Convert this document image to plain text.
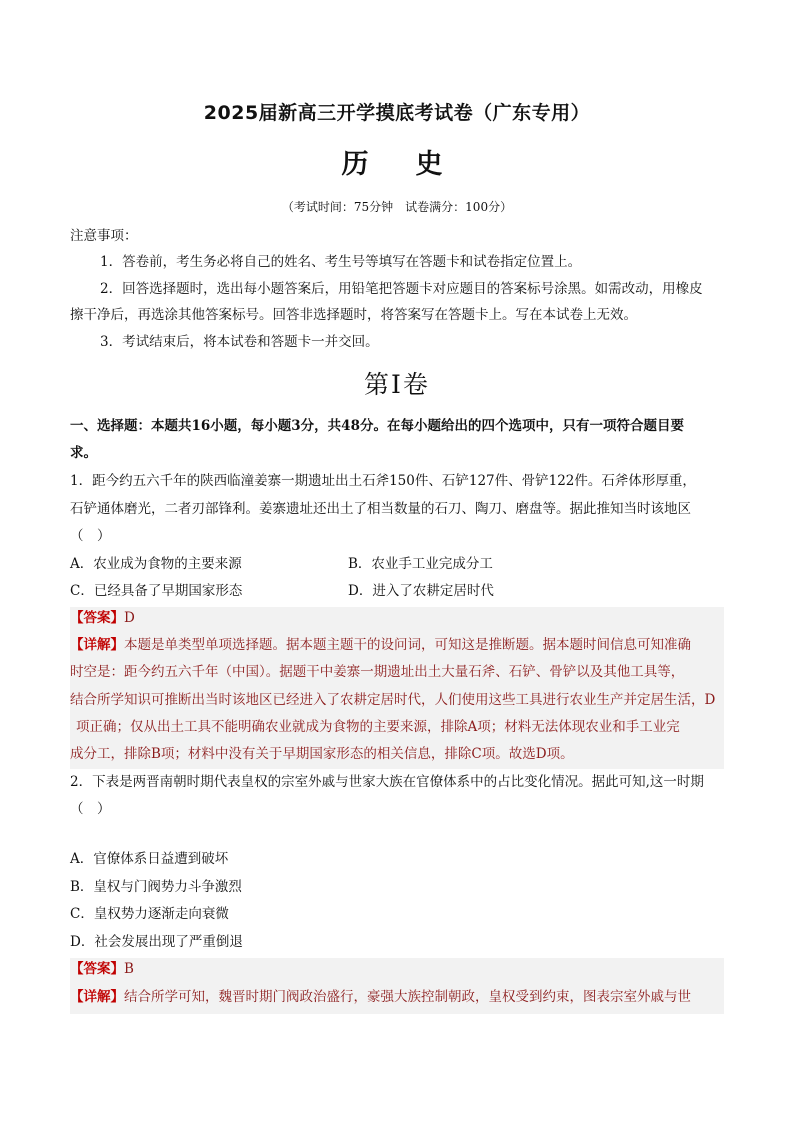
2025届新高三开学摸底考试卷（广东专用）
历　史
（考试时间：75分钟　试卷满分：100分）
注意事项：
1．答卷前，考生务必将自己的姓名、考生号等填写在答题卡和试卷指定位置上。
2．回答选择题时，选出每小题答案后，用铅笔把答题卡对应题目的答案标号涂黑。如需改动，用橡皮
擦干净后，再选涂其他答案标号。回答非选择题时，将答案写在答题卡上。写在本试卷上无效。
3．考试结束后，将本试卷和答题卡一并交回。
第Ⅰ卷
一、选择题：本题共16小题，每小题3分，共48分。在每小题给出的四个选项中，只有一项符合题目要
求。
1．距今约五六千年的陕西临潼姜寨一期遗址出土石斧150件、石铲127件、骨铲122件。石斧体形厚重，
石铲通体磨光，二者刃部锋利。姜寨遗址还出土了相当数量的石刀、陶刀、磨盘等。据此推知当时该地区
（　）
A．农业成为食物的主要来源	B．农业手工业完成分工
C．已经具备了早期国家形态	D．进入了农耕定居时代
【答案】D
【详解】本题是单类型单项选择题。据本题主题干的设问词，可知这是推断题。据本题时间信息可知准确
时空是：距今约五六千年（中国）。据题干中姜寨一期遗址出土大量石斧、石铲、骨铲以及其他工具等，
结合所学知识可推断出当时该地区已经进入了农耕定居时代，人们使用这些工具进行农业生产并定居生活，D
项正确；仅从出土工具不能明确农业就成为食物的主要来源，排除A项；材料无法体现农业和手工业完
成分工，排除B项；材料中没有关于早期国家形态的相关信息，排除C项。故选D项。
2．下表是两晋南朝时期代表皇权的宗室外戚与世家大族在官僚体系中的占比变化情况。据此可知,这一时期
（　）
A．官僚体系日益遭到破坏
B．皇权与门阀势力斗争激烈
C．皇权势力逐渐走向衰微
D．社会发展出现了严重倒退
【答案】B
【详解】结合所学可知，魏晋时期门阀政治盛行，豪强大族控制朝政，皇权受到约束，图表宗室外戚与世
